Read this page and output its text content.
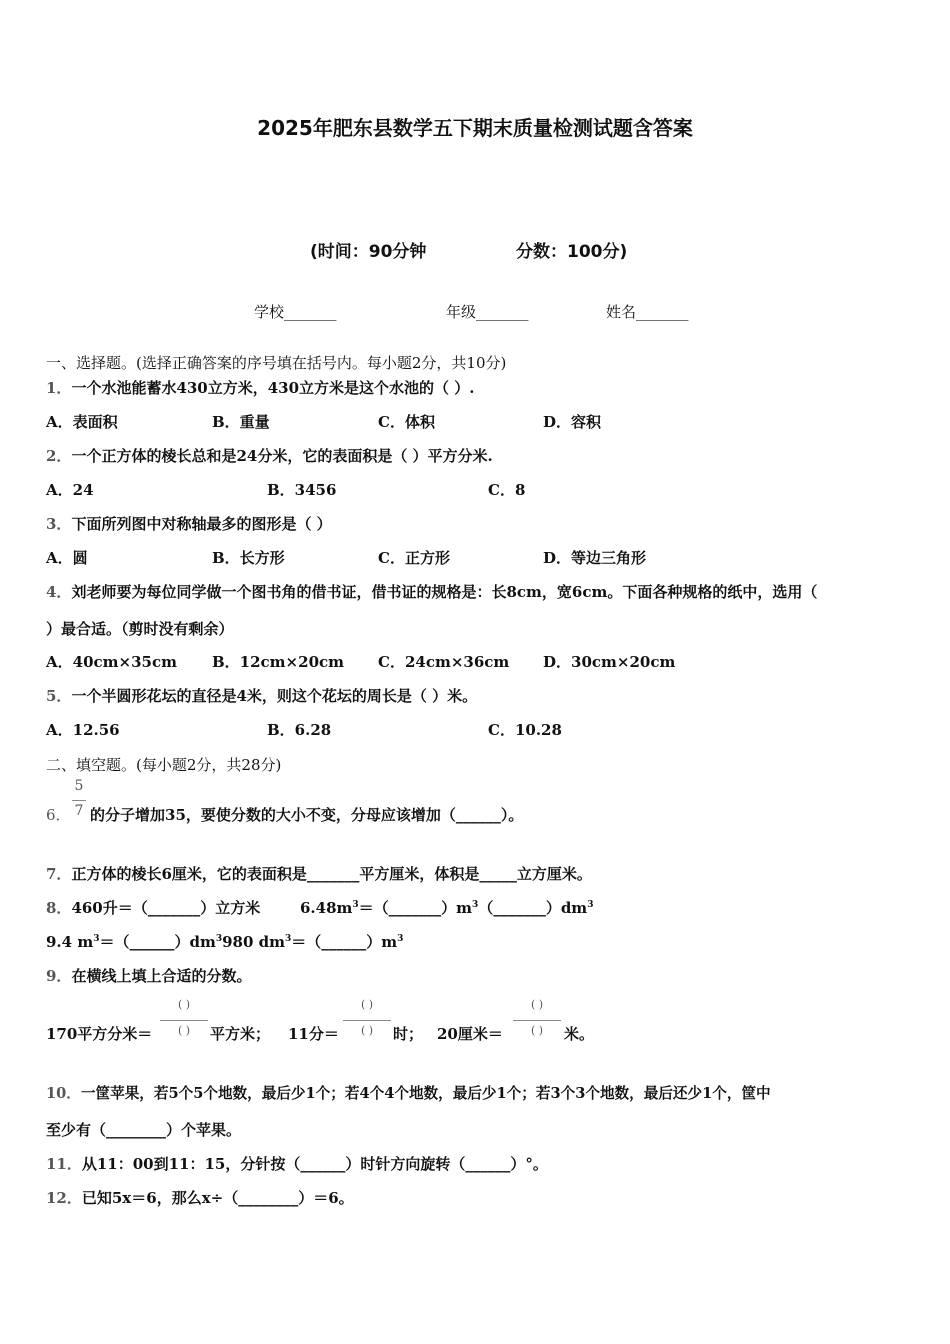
2025年肥东县数学五下期末质量检测试题含答案
(时间：90分钟	分数：100分)
学校_______	年级_______	姓名_______
一、选择题。(选择正确答案的序号填在括号内。每小题2分，共10分)
1．一个水池能蓄水430立方米，430立方米是这个水池的（ ）.
A．表面积	B．重量	C．体积	D．容积
2．一个正方体的棱长总和是24分米，它的表面积是（ ）平方分米.
A．24	B．3456	C．8
3．下面所列图中对称轴最多的图形是（ ）
A．圆	B．长方形	C．正方形	D．等边三角形
4．刘老师要为每位同学做一个图书角的借书证，借书证的规格是：长8cm，宽6cm。下面各种规格的纸中，选用（
）最合适。（剪时没有剩余）
A．40cm×35cm B．12cm×20cm C．24cm×36cm D．30cm×20cm
5．一个半圆形花坛的直径是4米，则这个花坛的周长是（ ）米。
A．12.56	B．6.28	C．10.28
二、填空题。(每小题2分，共28分)
6．
5
7 的分子增加35，要使分数的大小不变，分母应该增加（______）。
7．正方体的棱长6厘米，它的表面积是_______平方厘米，体积是_____立方厘米。
8．460升＝（_______）立方米	$6.48m^3=(\_\_\_\_\_\_\_)m^3(\_\_\_\_\_\_\_)dm^3$
9.4 $m^3=(\_\_\_\_\_\_)dm^3980$ $dm^3=(\_\_\_\_\_\_)m^3$
9．在横线上填上合适的分数。
170平方分米＝
( )
( )	平方米； 11分＝
( )
( )	时； 20厘米＝
( )
( )	米。
10．一筐苹果，若5个5个地数，最后少1个；若4个4个地数，最后少1个；若3个3个地数，最后还少1个，筐中
至少有（________）个苹果。
11．从11：00到11：15，分针按（______）时针方向旋转（______）°。
12．已知5x＝6，那么x÷（________）＝6。
